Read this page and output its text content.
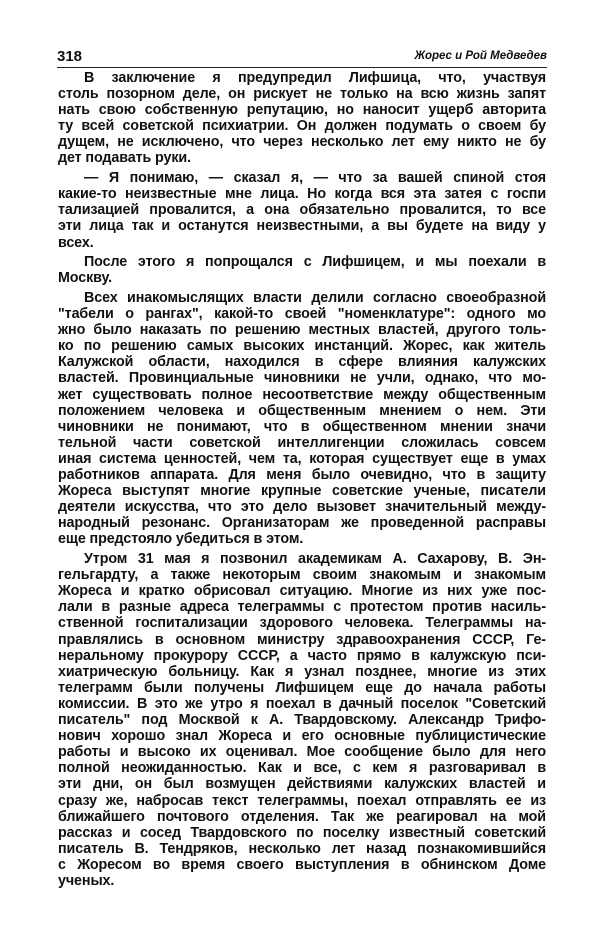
318	Жорес и Рой Медведев
В заключение я предупредил Лифшица, что, участвуя
столь позорном деле, он рискует не только на всю жизнь запят
нать свою собственную репутацию, но наносит ущерб авторита
ту всей советской психиатрии. Он должен подумать о своем бу
дущем, не исключено, что через несколько лет ему никто не бу
дет подавать руки.
— Я понимаю, — сказал я, — что за вашей спиной стоя
какие-то неизвестные мне лица. Но когда вся эта затея с госпи
тализацией провалится, а она обязательно провалится, то все
эти лица так и останутся неизвестными, а вы будете на виду у
всех.
После этого я попрощался с Лифшицем, и мы поехали в
Москву.
Всех инакомыслящих власти делили согласно своеобразной
"табели о рангах", какой-то своей "номенклатуре": одного мо
жно было наказать по решению местных властей, другого толь-
ко по решению самых высоких инстанций. Жорес, как житель
Калужской области, находился в сфере влияния калужских
властей. Провинциальные чиновники не учли, однако, что мо-
жет существовать полное несоответствие между общественным
положением человека и общественным мнением о нем. Эти
чиновники не понимают, что в общественном мнении значи
тельной части советской интеллигенции сложилась совсем
иная система ценностей, чем та, которая существует еще в умах
работников аппарата. Для меня было очевидно, что в защиту
Жореса выступят многие крупные советские ученые, писатели
деятели искусства, что это дело вызовет значительный между-
народный резонанс. Организаторам же проведенной расправы
еще предстояло убедиться в этом.
Утром 31 мая я позвонил академикам А. Сахарову, В. Эн-
гельгардту, а также некоторым своим знакомым и знакомым
Жореса и кратко обрисовал ситуацию. Многие из них уже пос-
лали в разные адреса телеграммы с протестом против насиль-
ственной госпитализации здорового человека. Телеграммы на-
правлялись в основном министру здравоохранения СССР, Ге-
неральному прокурору СССР, а часто прямо в калужскую пси-
хиатрическую больницу. Как я узнал позднее, многие из этих
телеграмм были получены Лифшицем еще до начала работы
комиссии. В это же утро я поехал в дачный поселок "Советский
писатель" под Москвой к А. Твардовскому. Александр Трифо-
нович хорошо знал Жореса и его основные публицистические
работы и высоко их оценивал. Мое сообщение было для него
полной неожиданностью. Как и все, с кем я разговаривал в
эти дни, он был возмущен действиями калужских властей и
сразу же, набросав текст телеграммы, поехал отправлять ее из
ближайшего почтового отделения. Так же реагировал на мой
рассказ и сосед Твардовского по поселку известный советский
писатель В. Тендряков, несколько лет назад познакомившийся
с Жоресом во время своего выступления в обнинском Доме
ученых.
